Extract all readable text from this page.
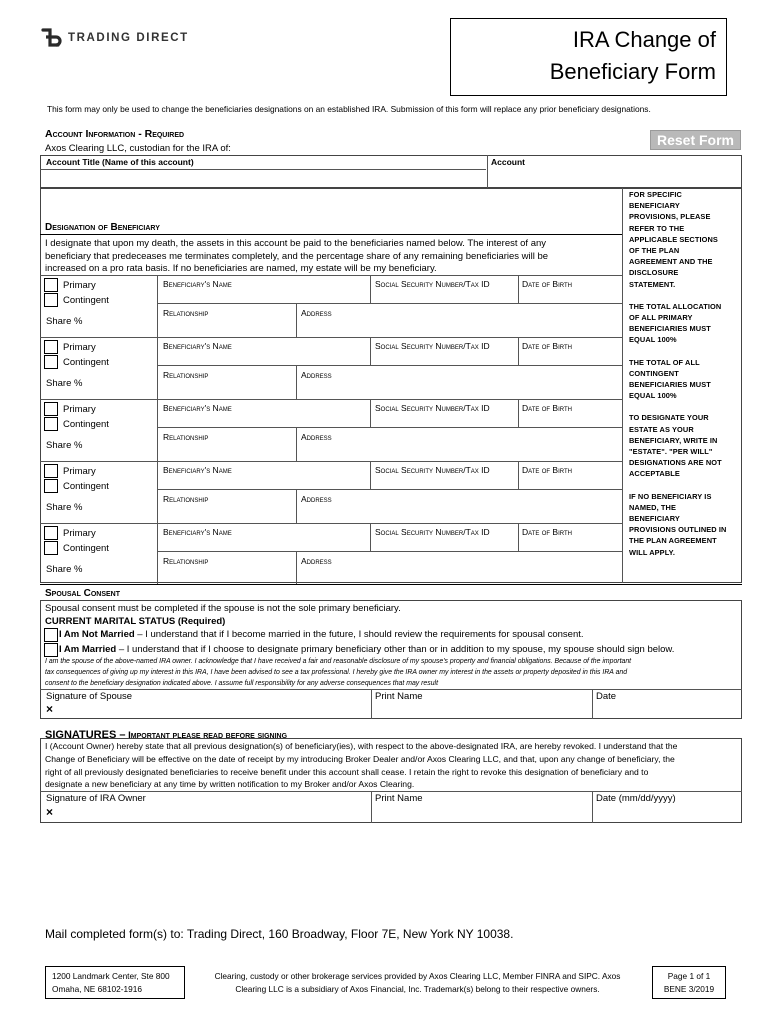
TRADING DIRECT	IRA Change of
Beneficiary Form
This form may only be used to change the beneficiaries designations on an established IRA. Submission of this form will replace any prior beneficiary designations.
Account Information - Required
Axos Clearing LLC, custodian for the IRA of:
Reset Form
Account Title (Name of this account)	Account
Designation of Beneficiary
I designate that upon my death, the assets in this account be paid to the beneficiaries named below. The interest of any
beneficiary that predeceases me terminates completely, and the percentage share of any remaining beneficiaries will be
increased on a pro rata basis. If no beneficiaries are named, my estate will be my beneficiary.
Primary
Contingent
Share %
Beneficiary's Name	Social Security Number/Tax ID	Date of Birth
Relationship	Address
Primary
Contingent
Share %
Beneficiary's Name	Social Security Number/Tax ID	Date of Birth
Relationship	Address
Primary
Contingent
Share %
Beneficiary's Name	Social Security Number/Tax ID	Date of Birth
Relationship	Address
Primary
Contingent
Share %
Beneficiary's Name	Social Security Number/Tax ID	Date of Birth
Relationship	Address
Primary
Contingent
Share %
Beneficiary's Name	Social Security Number/Tax ID	Date of Birth
Relationship	Address
FOR SPECIFIC
BENEFICIARY
PROVISIONS, PLEASE
REFER TO THE
APPLICABLE SECTIONS
OF THE PLAN
AGREEMENT AND THE
DISCLOSURE
STATEMENT.
THE TOTAL ALLOCATION
OF ALL PRIMARY
BENEFICIARIES MUST
EQUAL 100%
THE TOTAL OF ALL
CONTINGENT
BENEFICIARIES MUST
EQUAL 100%
TO DESIGNATE YOUR
ESTATE AS YOUR
BENEFICIARY, WRITE IN
"ESTATE". "PER WILL"
DESIGNATIONS ARE NOT
ACCEPTABLE
IF NO BENEFICIARY IS
NAMED, THE
BENEFICIARY
PROVISIONS OUTLINED IN
THE PLAN AGREEMENT
WILL APPLY.
Spousal Consent
Spousal consent must be completed if the spouse is not the sole primary beneficiary.
CURRENT MARITAL STATUS (Required)
I Am Not Married – I understand that if I become married in the future, I should review the requirements for spousal consent.
I Am Married – I understand that if I choose to designate primary beneficiary other than or in addition to my spouse, my spouse should sign below.
I am the spouse of the above-named IRA owner. I acknowledge that I have received a fair and reasonable disclosure of my spouse's property and financial obligations. Because of the important
tax consequences of giving up my interest in this IRA, I have been advised to see a tax professional. I hereby give the IRA owner my interest in the assets or property deposited in this IRA and
consent to the beneficiary designation indicated above. I assume full responsibility for any adverse consequences that may result
Signature of Spouse
×
Print Name	Date
SIGNATURES – Important please read before signing
I (Account Owner) hereby state that all previous designation(s) of beneficiary(ies), with respect to the above-designated IRA, are hereby revoked. I understand that the
Change of Beneficiary will be effective on the date of receipt by my introducing Broker Dealer and/or Axos Clearing LLC, and that, upon any change of beneficiary, the
right of all previously designated beneficiaries to receive benefit under this account shall cease. I retain the right to revoke this designation of beneficiary and to
designate a new beneficiary at any time by written notification to my Broker and/or Axos Clearing.
Signature of IRA Owner
×
Print Name	Date (mm/dd/yyyy)
Mail completed form(s) to: Trading Direct, 160 Broadway, Floor 7E, New York NY 10038.
1200 Landmark Center, Ste 800
Omaha, NE 68102-1916
Clearing, custody or other brokerage services provided by Axos Clearing LLC, Member FINRA and SIPC. Axos
Clearing LLC is a subsidiary of Axos Financial, Inc. Trademark(s) belong to their respective owners.
Page 1 of 1
BENE 3/2019
